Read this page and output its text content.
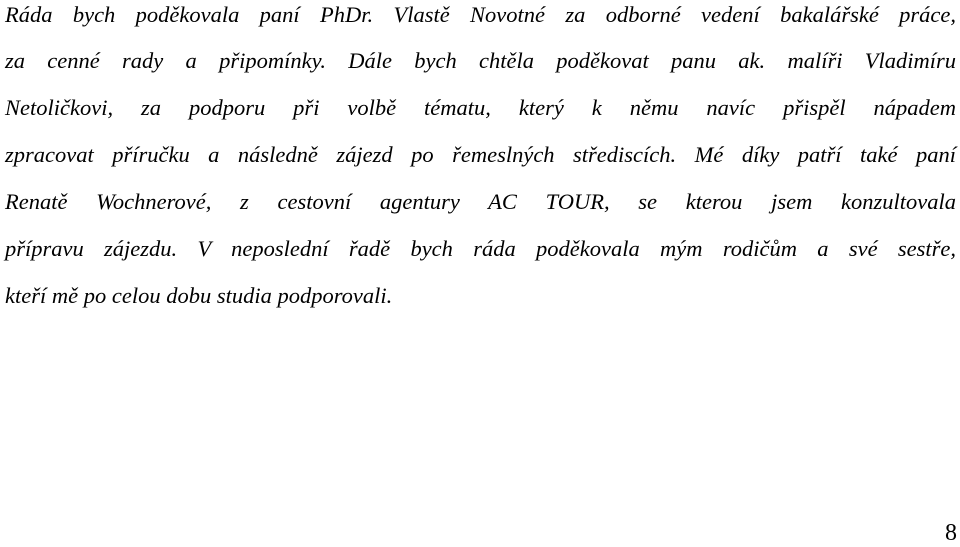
Ráda bych poděkovala paní PhDr. Vlastě Novotné za odborné vedení bakalářské práce,

za cenné rady a připomínky. Dále bych chtěla poděkovat panu ak. malíři Vladimíru

Netoličkovi, za podporu při volbě tématu, který k němu navíc přispěl nápadem

zpracovat příručku a následně zájezd po řemeslných střediscích. Mé díky patří také paní

Renatě Wochnerové, z cestovní agentury AC TOUR, se kterou jsem konzultovala

přípravu zájezdu. V neposlední řadě bych ráda poděkovala mým rodičům a své sestře,

kteří mě po celou dobu studia podporovali.

8
